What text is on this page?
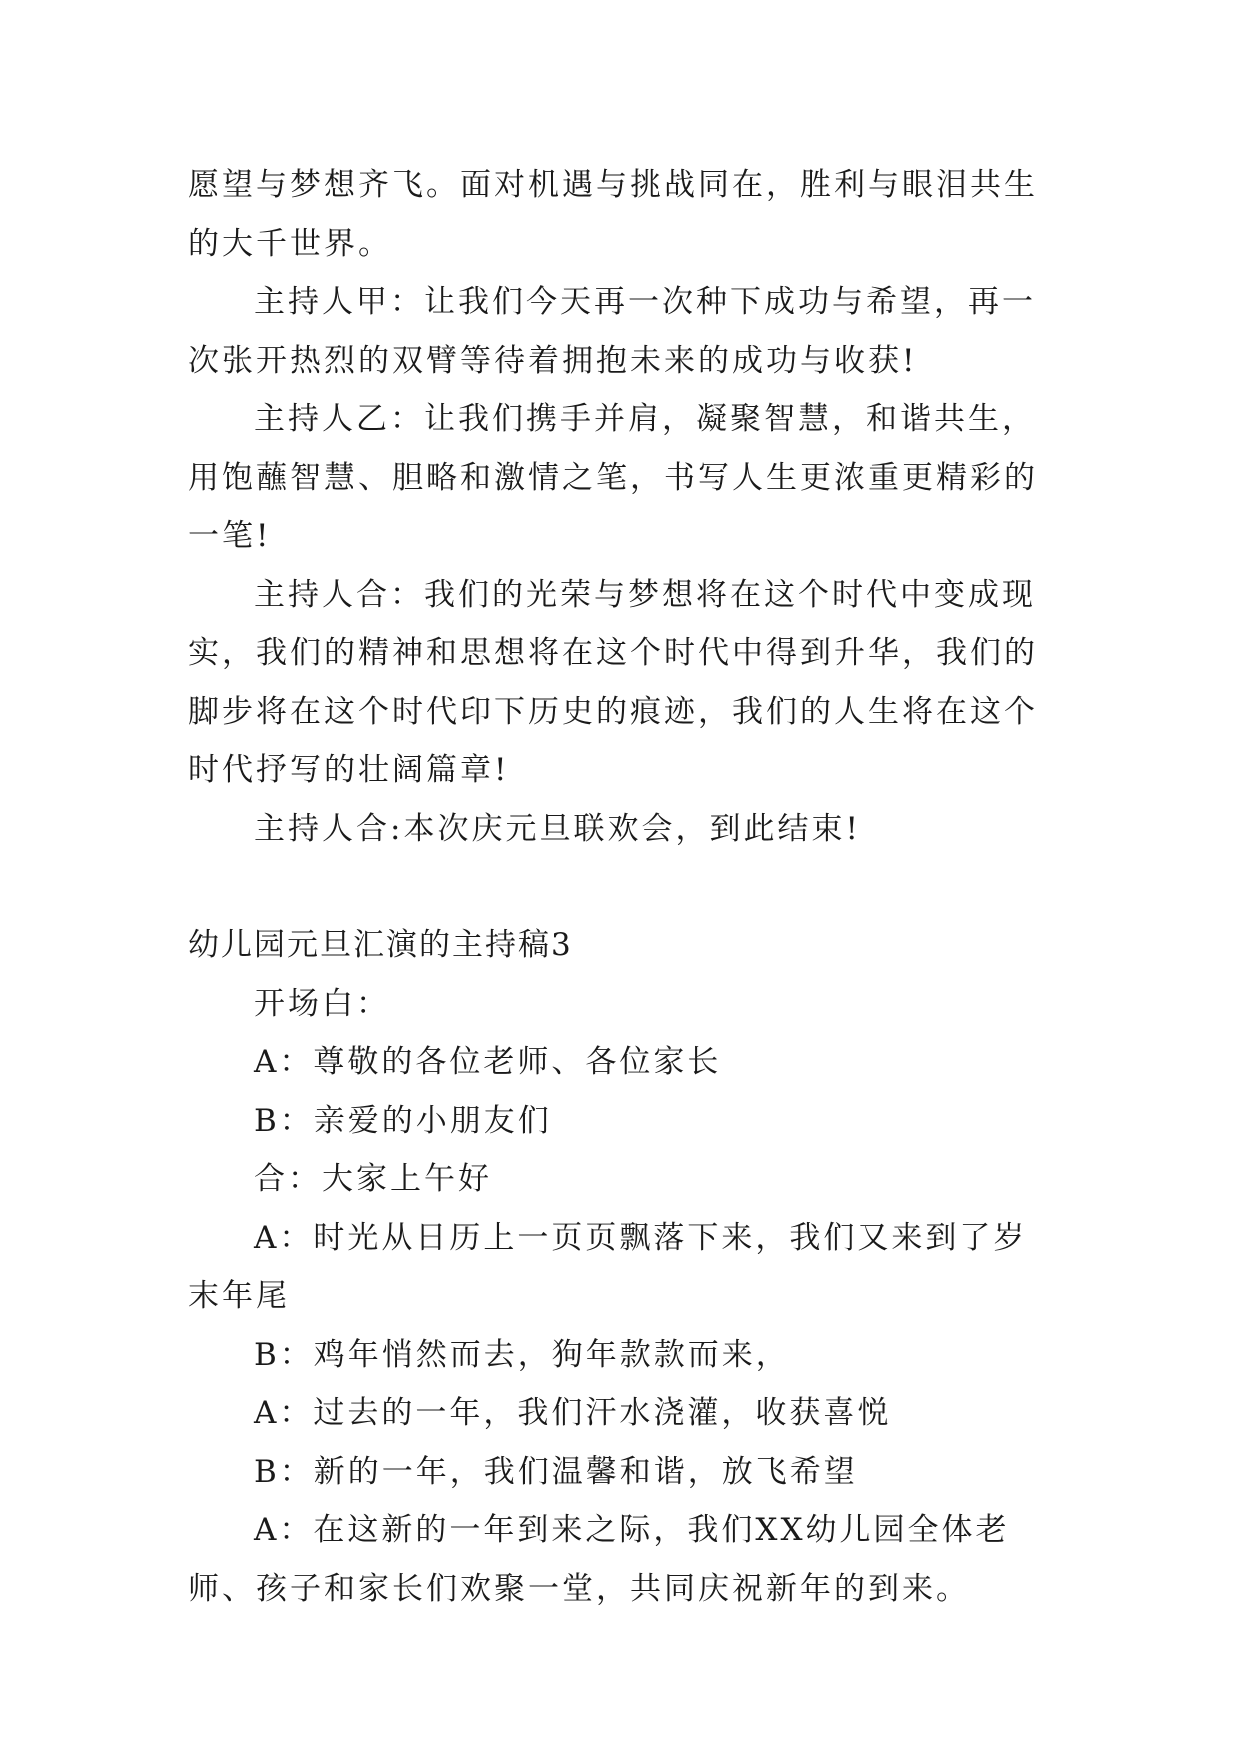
愿望与梦想齐飞。面对机遇与挑战同在，胜利与眼泪共生的大千世界。

主持人甲：让我们今天再一次种下成功与希望，再一次张开热烈的双臂等待着拥抱未来的成功与收获!

主持人乙：让我们携手并肩，凝聚智慧，和谐共生，用饱蘸智慧、胆略和激情之笔，书写人生更浓重更精彩的一笔!

主持人合：我们的光荣与梦想将在这个时代中变成现实，我们的精神和思想将在这个时代中得到升华，我们的脚步将在这个时代印下历史的痕迹，我们的人生将在这个时代抒写的壮阔篇章!

主持人合:本次庆元旦联欢会，到此结束!

幼儿园元旦汇演的主持稿3

开场白：

A：尊敬的各位老师、各位家长

B：亲爱的小朋友们

合：大家上午好

A：时光从日历上一页页飘落下来，我们又来到了岁末年尾

B：鸡年悄然而去，狗年款款而来，

A：过去的一年，我们汗水浇灌，收获喜悦

B：新的一年，我们温馨和谐，放飞希望

A：在这新的一年到来之际，我们XX幼儿园全体老师、孩子和家长们欢聚一堂，共同庆祝新年的到来。
